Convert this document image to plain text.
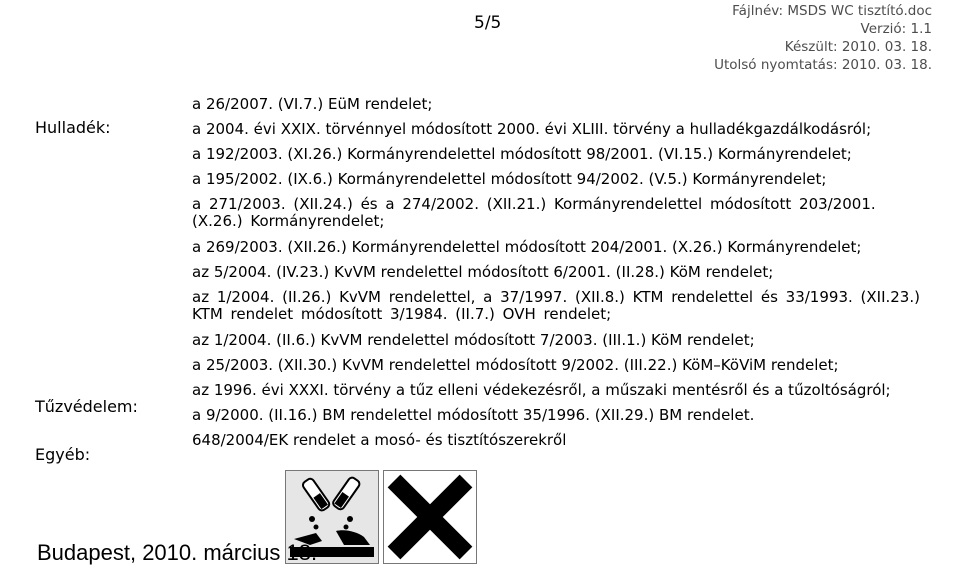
5/5
Fájlnév: MSDS WC tisztító.doc
Verzió: 1.1
Készült: 2010. 03. 18.
Utolsó nyomtatás: 2010. 03. 18.
Hulladék:
Tűzvédelem:
Egyéb:
a 26/2007. (VI.7.) EüM rendelet;
a 2004. évi XXIX. törvénnyel módosított 2000. évi XLIII. törvény a hulladékgazdálkodásról;
a 192/2003. (XI.26.) Kormányrendelettel módosított 98/2001. (VI.15.) Kormányrendelet;
a 195/2002. (IX.6.) Kormányrendelettel módosított 94/2002. (V.5.) Kormányrendelet;
a 271/2003. (XII.24.) és a 274/2002. (XII.21.) Kormányrendelettel módosított 203/2001. (X.26.) Kormányrendelet;
a 269/2003. (XII.26.) Kormányrendelettel módosított 204/2001. (X.26.) Kormányrendelet;
az 5/2004. (IV.23.) KvVM rendelettel módosított 6/2001. (II.28.) KöM rendelet;
az 1/2004. (II.26.) KvVM rendelettel, a 37/1997. (XII.8.) KTM rendelettel és 33/1993. (XII.23.) KTM rendelet módosított 3/1984. (II.7.) OVH rendelet;
az 1/2004. (II.6.) KvVM rendelettel módosított 7/2003. (III.1.) KöM rendelet;
a 25/2003. (XII.30.) KvVM rendelettel módosított 9/2002. (III.22.) KöM–KöViM rendelet;
az 1996. évi XXXI. törvény a tűz elleni védekezésről, a műszaki mentésről és a tűzoltóságról;
a 9/2000. (II.16.) BM rendelettel módosított 35/1996. (XII.29.) BM rendelet.
648/2004/EK rendelet a mosó- és tisztítószerekről
Budapest, 2010. március 18.
